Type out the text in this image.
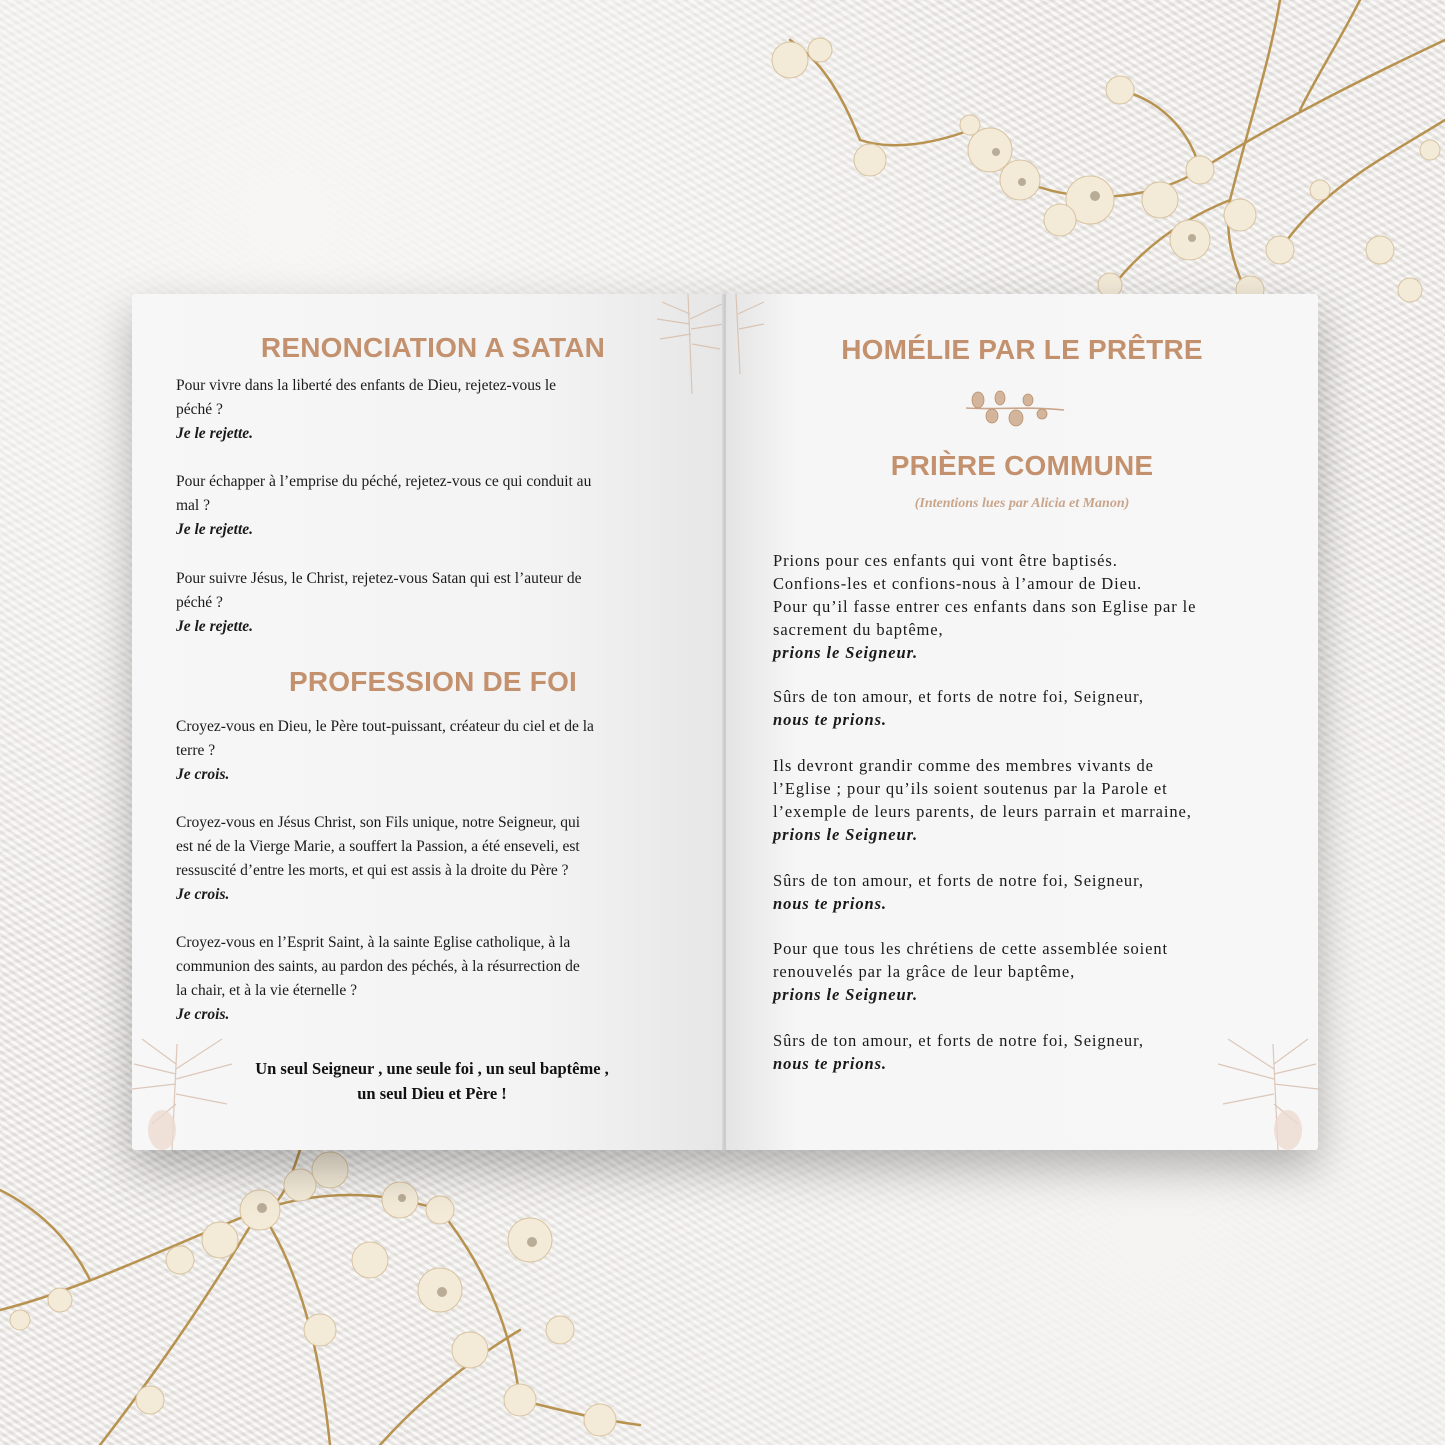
RENONCIATION A SATAN

Pour vivre dans la liberté des enfants de Dieu, rejetez-vous le
péché ?
Je le rejette.

Pour échapper à l’emprise du péché, rejetez-vous ce qui conduit au
mal ?
Je le rejette.

Pour suivre Jésus, le Christ, rejetez-vous Satan qui est l’auteur de
péché ?
Je le rejette.

PROFESSION DE FOI

Croyez-vous en Dieu, le Père tout-puissant, créateur du ciel et de la
terre ?
Je crois.

Croyez-vous en Jésus Christ, son Fils unique, notre Seigneur, qui
est né de la Vierge Marie, a souffert la Passion, a été enseveli, est
ressuscité d’entre les morts, et qui est assis à la droite du Père ?
Je crois.

Croyez-vous en l’Esprit Saint, à la sainte Eglise catholique, à la
communion des saints, au pardon des péchés, à la résurrection de
la chair, et à la vie éternelle ?
Je crois.

Un seul Seigneur , une seule foi , un seul baptême ,
un seul Dieu et Père !

HOMÉLIE PAR LE PRÊTRE
PRIÈRE COMMUNE

(Intentions lues par Alicia et Manon)

Prions pour ces enfants qui vont être baptisés.
Confions-les et confions-nous à l’amour de Dieu.
Pour qu’il fasse entrer ces enfants dans son Eglise par le
sacrement du baptême,
prions le Seigneur.

Sûrs de ton amour, et forts de notre foi, Seigneur,
nous te prions.

Ils devront grandir comme des membres vivants de
l’Eglise ; pour qu’ils soient soutenus par la Parole et
l’exemple de leurs parents, de leurs parrain et marraine,
prions le Seigneur.

Sûrs de ton amour, et forts de notre foi, Seigneur,
nous te prions.

Pour que tous les chrétiens de cette assemblée soient
renouvelés par la grâce de leur baptême,
prions le Seigneur.

Sûrs de ton amour, et forts de notre foi, Seigneur,
nous te prions.
